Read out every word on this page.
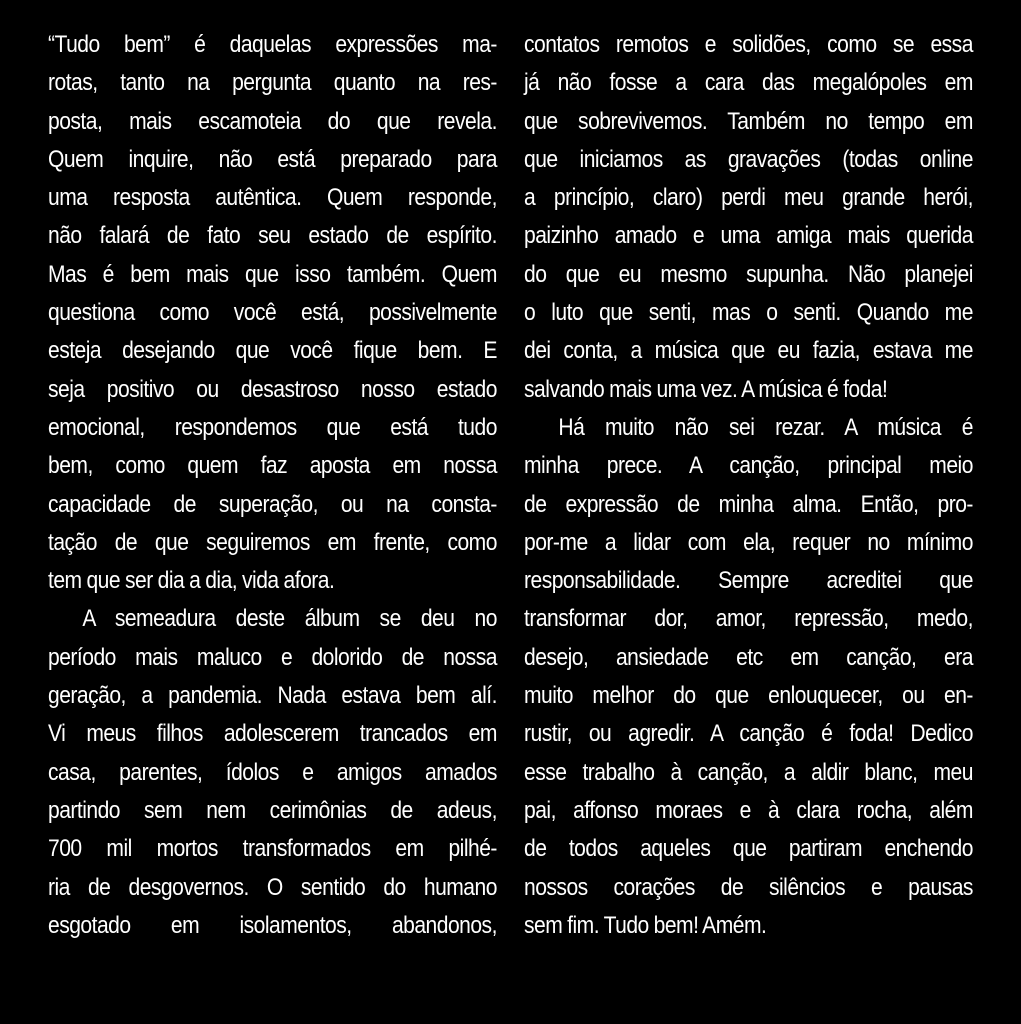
“Tudo bem” é daquelas expressões ma-
rotas, tanto na pergunta quanto na res-
posta, mais escamoteia do que revela.
Quem inquire, não está preparado para
uma resposta autêntica. Quem responde,
não falará de fato seu estado de espírito.
Mas é bem mais que isso também. Quem
questiona como você está, possivelmente
esteja desejando que você fique bem. E
seja positivo ou desastroso nosso estado
emocional, respondemos que está tudo
bem, como quem faz aposta em nossa
capacidade de superação, ou na consta-
tação de que seguiremos em frente, como
tem que ser dia a dia, vida afora.
A semeadura deste álbum se deu no
período mais maluco e dolorido de nossa
geração, a pandemia. Nada estava bem alí.
Vi meus filhos adolescerem trancados em
casa, parentes, ídolos e amigos amados
partindo sem nem cerimônias de adeus,
700 mil mortos transformados em pilhé-
ria de desgovernos. O sentido do humano
esgotado em isolamentos, abandonos,
contatos remotos e solidões, como se essa
já não fosse a cara das megalópoles em
que sobrevivemos. Também no tempo em
que iniciamos as gravações (todas online
a princípio, claro) perdi meu grande herói,
paizinho amado e uma amiga mais querida
do que eu mesmo supunha. Não planejei
o luto que senti, mas o senti. Quando me
dei conta, a música que eu fazia, estava me
salvando mais uma vez. A música é foda!
Há muito não sei rezar. A música é
minha prece. A canção, principal meio
de expressão de minha alma. Então, pro-
por-me a lidar com ela, requer no mínimo
responsabilidade. Sempre acreditei que
transformar dor, amor, repressão, medo,
desejo, ansiedade etc em canção, era
muito melhor do que enlouquecer, ou en-
rustir, ou agredir. A canção é foda! Dedico
esse trabalho à canção, a aldir blanc, meu
pai, affonso moraes e à clara rocha, além
de todos aqueles que partiram enchendo
nossos corações de silêncios e pausas
sem fim. Tudo bem! Amém.
